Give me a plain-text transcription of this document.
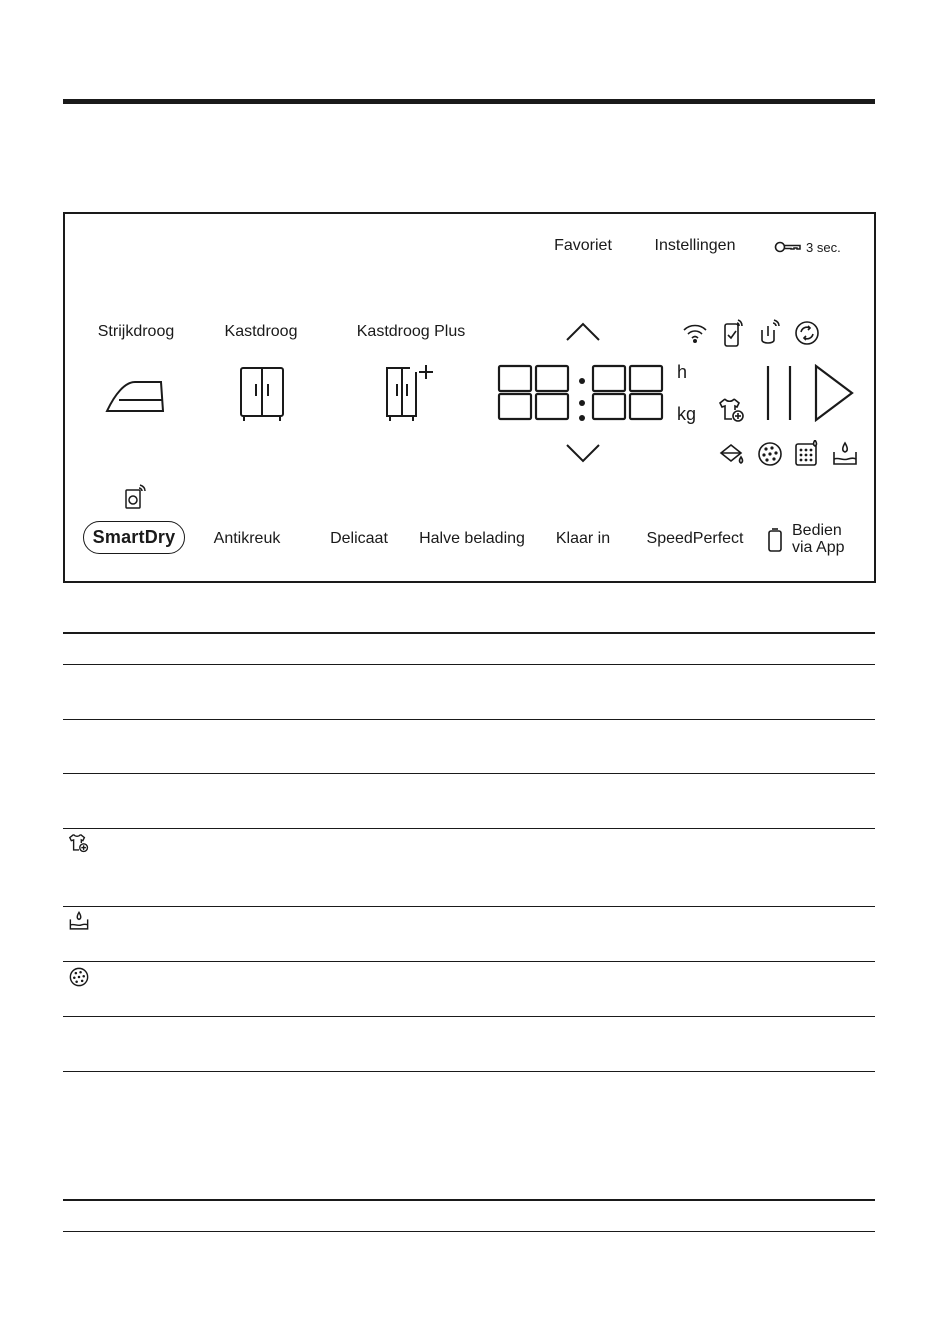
Favoriet	Instellingen	3 sec.
Strijkdroog	Kastdroog	Kastdroog Plus
h
kg
SmartDry	Antikreuk	Delicaat Halve belading Klaar in SpeedPerfect	Bedien
via App
